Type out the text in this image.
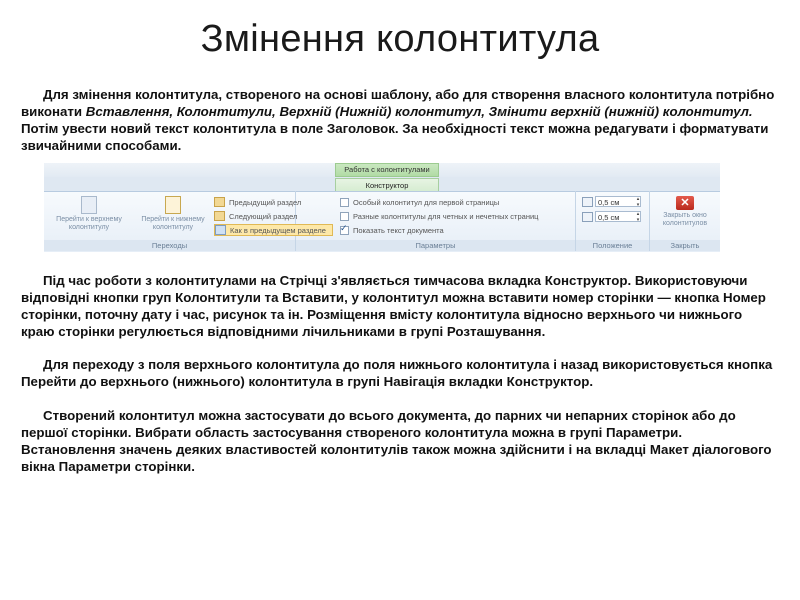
Змінення колонтитула

Для змінення колонтитула, створеного на основі шаблону, або для створення власного колонтитула потрібно виконати Вставлення, Колонтитули, Верхній (Нижній) колонтитул, Змінити верхній (нижній) колонтитул. Потім увести новий текст колонтитула в поле Заголовок. За необхідності текст можна редагувати і форматувати звичайними способами.

Работа с колонтитулами
Конструктор
Перейти к верхнему колонтитулу
Перейти к нижнему колонтитулу
Предыдущий раздел
Следующий раздел
Как в предыдущем разделе
Переходы
Особый колонтитул для первой страницы
Разные колонтитулы для четных и нечетных страниц
✓
Показать текст документа
Параметры
0,5 см ▴▾
0,5 см ▴▾
Положение
✕
Закрыть окно колонтитулов
Закрыть

Під час роботи з колонтитулами на Стрічці з'являється тимчасова вкладка Конструктор. Використовуючи відповідні кнопки груп Колонтитули та Вставити, у колонтитул можна вставити номер сторінки — кнопка Номер сторінки, поточну дату і час, рисунок та ін. Розміщення вмісту колонтитула відносно верхнього чи нижнього краю сторінки регулюється відповідними лічильниками в групі Розташування.

Для переходу з поля верхнього колонтитула до поля нижнього колонтитула і назад використовується кнопка Перейти до верхнього (нижнього) колонтитула в групі Навігація вкладки Конструктор.

Створений колонтитул можна застосувати до всього документа, до парних чи непарних сторінок або до першої сторінки. Вибрати область застосування створеного колонтитула можна в групі Параметри. Встановлення значень деяких властивостей колонтитулів також можна здійснити і на вкладці Макет діалогового вікна Параметри сторінки.
